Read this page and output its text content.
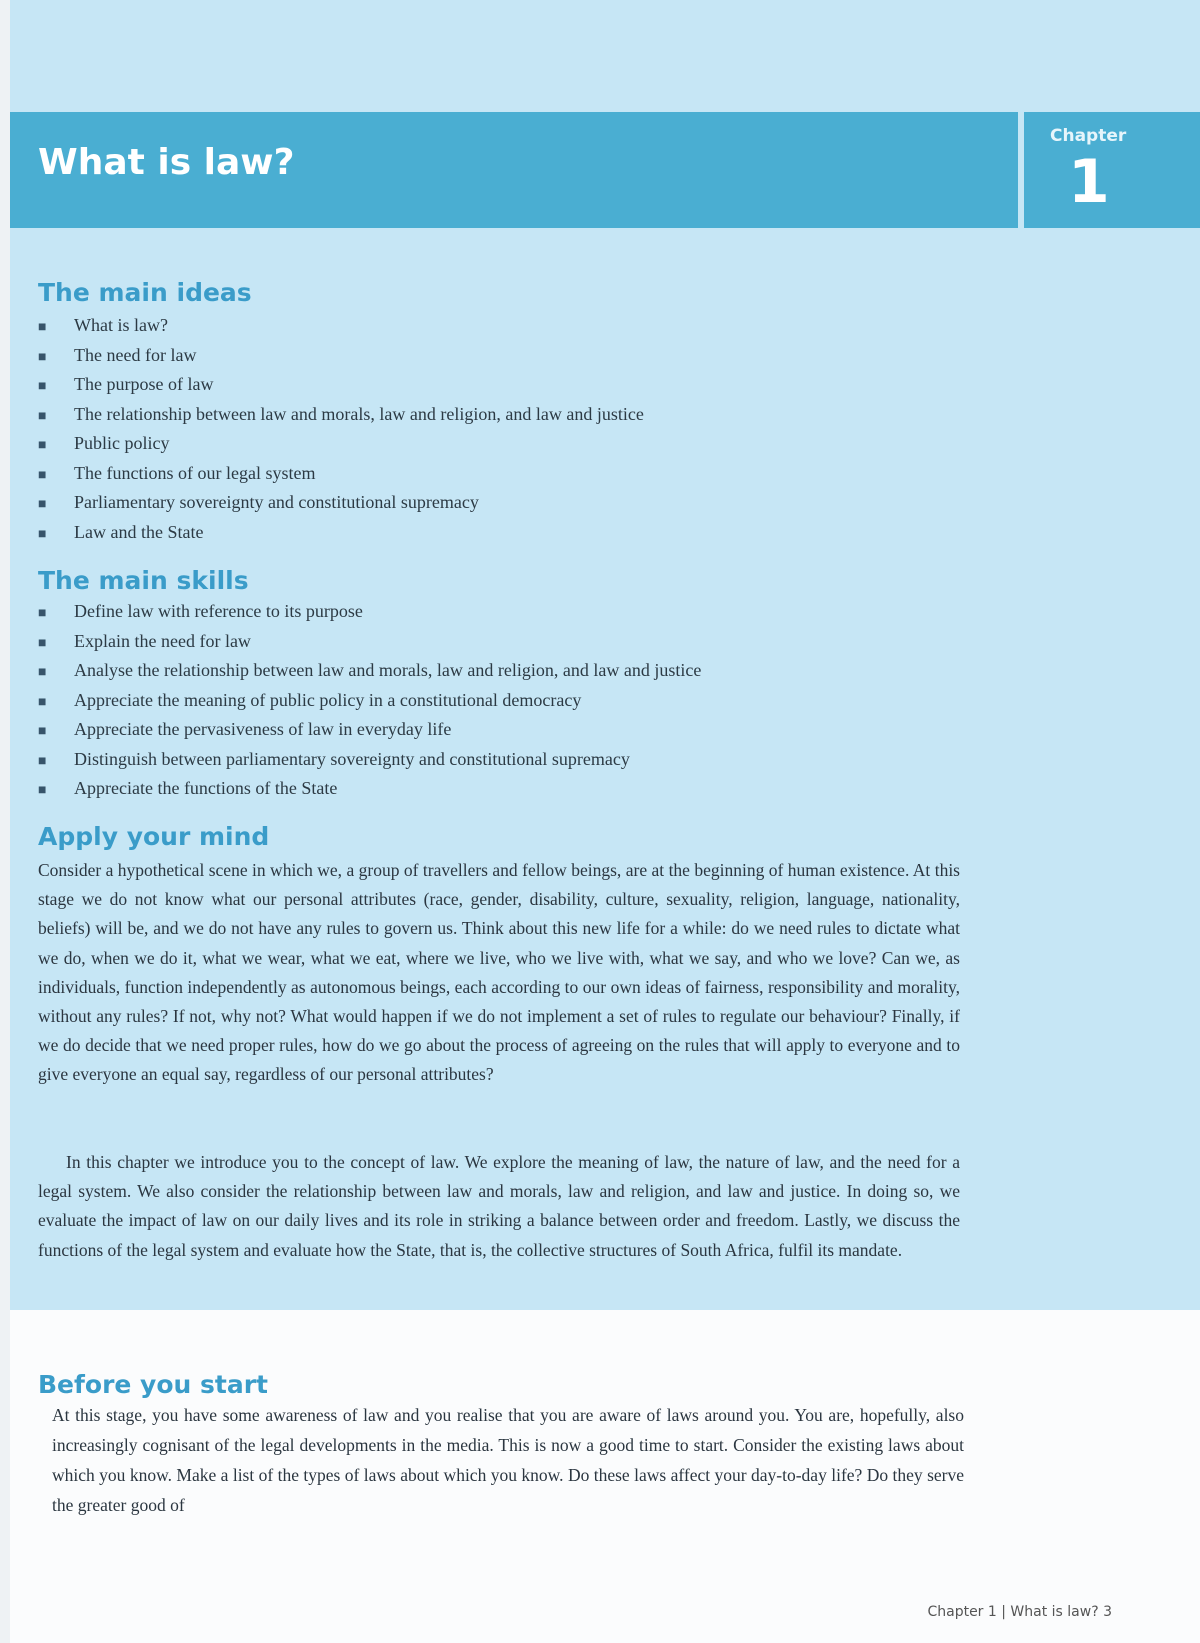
What is law?
Chapter
1
The main ideas
■ What is law?
■ The need for law
■ The purpose of law
■ The relationship between law and morals, law and religion, and law and justice
■ Public policy
■ The functions of our legal system
■ Parliamentary sovereignty and constitutional supremacy
■ Law and the State
The main skills
■ Define law with reference to its purpose
■ Explain the need for law
■ Analyse the relationship between law and morals, law and religion, and law and justice
■ Appreciate the meaning of public policy in a constitutional democracy
■ Appreciate the pervasiveness of law in everyday life
■ Distinguish between parliamentary sovereignty and constitutional supremacy
■ Appreciate the functions of the State
Apply your mind

Consider a hypothetical scene in which we, a group of travellers and fellow beings, are at the beginning of human existence. At this stage we do not know what our personal attributes (race, gender, disability, culture, sexuality, religion, language, nationality, beliefs) will be, and we do not have any rules to govern us. Think about this new life for a while: do we need rules to dictate what we do, when we do it, what we wear, what we eat, where we live, who we live with, what we say, and who we love? Can we, as individuals, function independently as autonomous beings, each according to our own ideas of fairness, responsibility and morality, without any rules? If not, why not? What would happen if we do not implement a set of rules to regulate our behaviour? Finally, if we do decide that we need proper rules, how do we go about the process of agreeing on the rules that will apply to everyone and to give everyone an equal say, regardless of our personal attributes?

In this chapter we introduce you to the concept of law. We explore the meaning of law, the nature of law, and the need for a legal system. We also consider the relationship between law and morals, law and religion, and law and justice. In doing so, we evaluate the impact of law on our daily lives and its role in striking a balance between order and freedom. Lastly, we discuss the functions of the legal system and evaluate how the State, that is, the collective structures of South Africa, fulfil its mandate.

Before you start

At this stage, you have some awareness of law and you realise that you are aware of laws around you. You are, hopefully, also increasingly cognisant of the legal developments in the media. This is now a good time to start. Consider the existing laws about which you know. Make a list of the types of laws about which you know. Do these laws affect your day-to-day life? Do they serve the greater good of

Chapter 1 | What is law? 3
